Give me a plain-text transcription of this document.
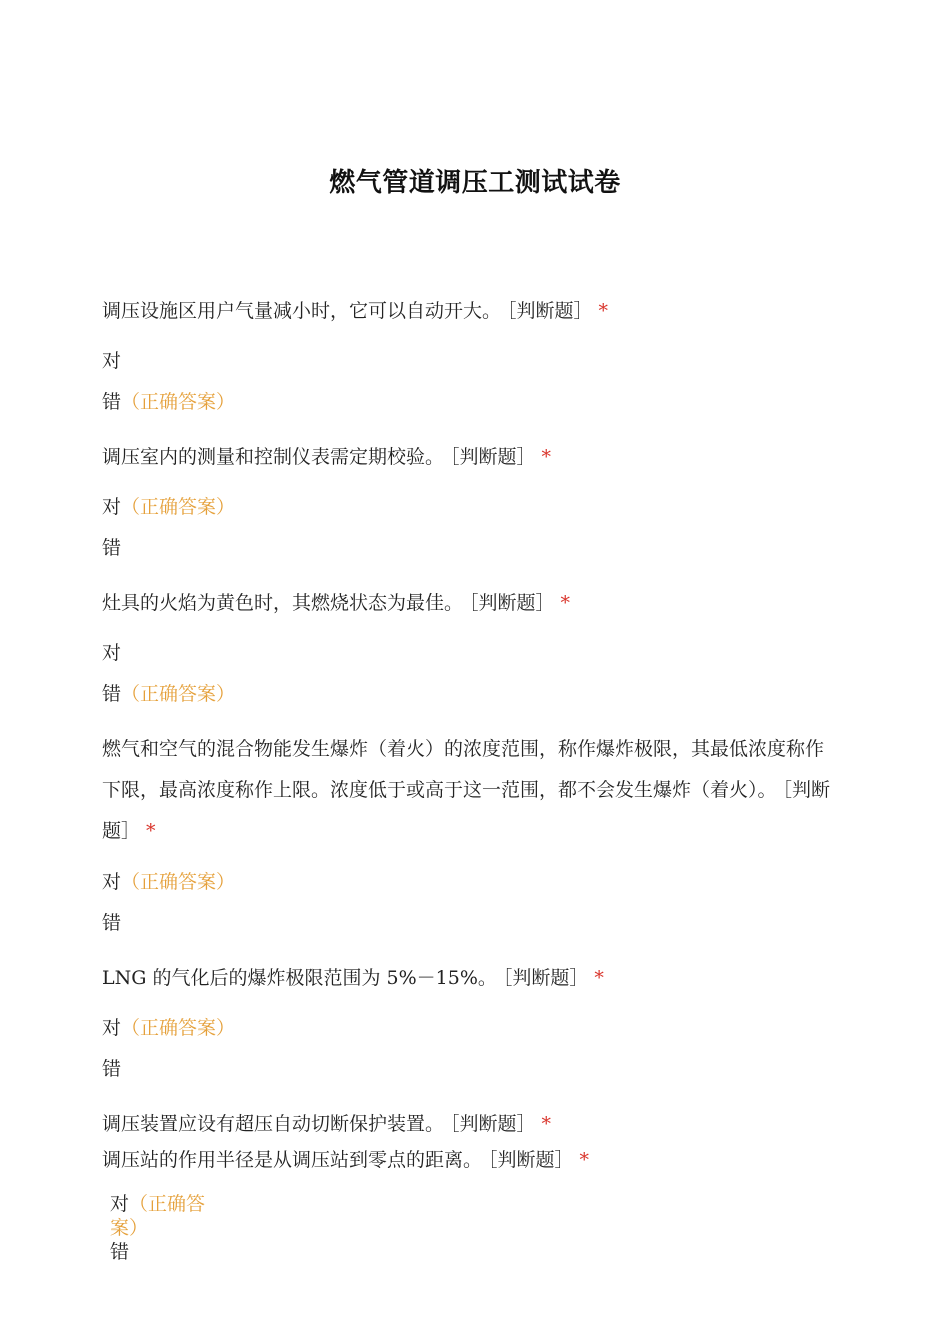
燃气管道调压工测试试卷
调压设施区用户气量减小时，它可以自动开大。 ［判断题］ *
对
错（正确答案）
调压室内的测量和控制仪表需定期校验。 ［判断题］ *
对（正确答案）
错
灶具的火焰为黄色时，其燃烧状态为最佳。 ［判断题］ *
对
错（正确答案）
燃气和空气的混合物能发生爆炸（着火）的浓度范围，称作爆炸极限，其最低浓度称作下限，最高浓度称作上限。浓度低于或高于这一范围，都不会发生爆炸（着火）。 ［判断题］ *
对（正确答案）
错
LNG 的气化后的爆炸极限范围为 5%－15%。 ［判断题］ *
对（正确答案）
错
调压装置应设有超压自动切断保护装置。 ［判断题］ *
调压站的作用半径是从调压站到零点的距离。 ［判断题］ *
对（正确答案）
错
